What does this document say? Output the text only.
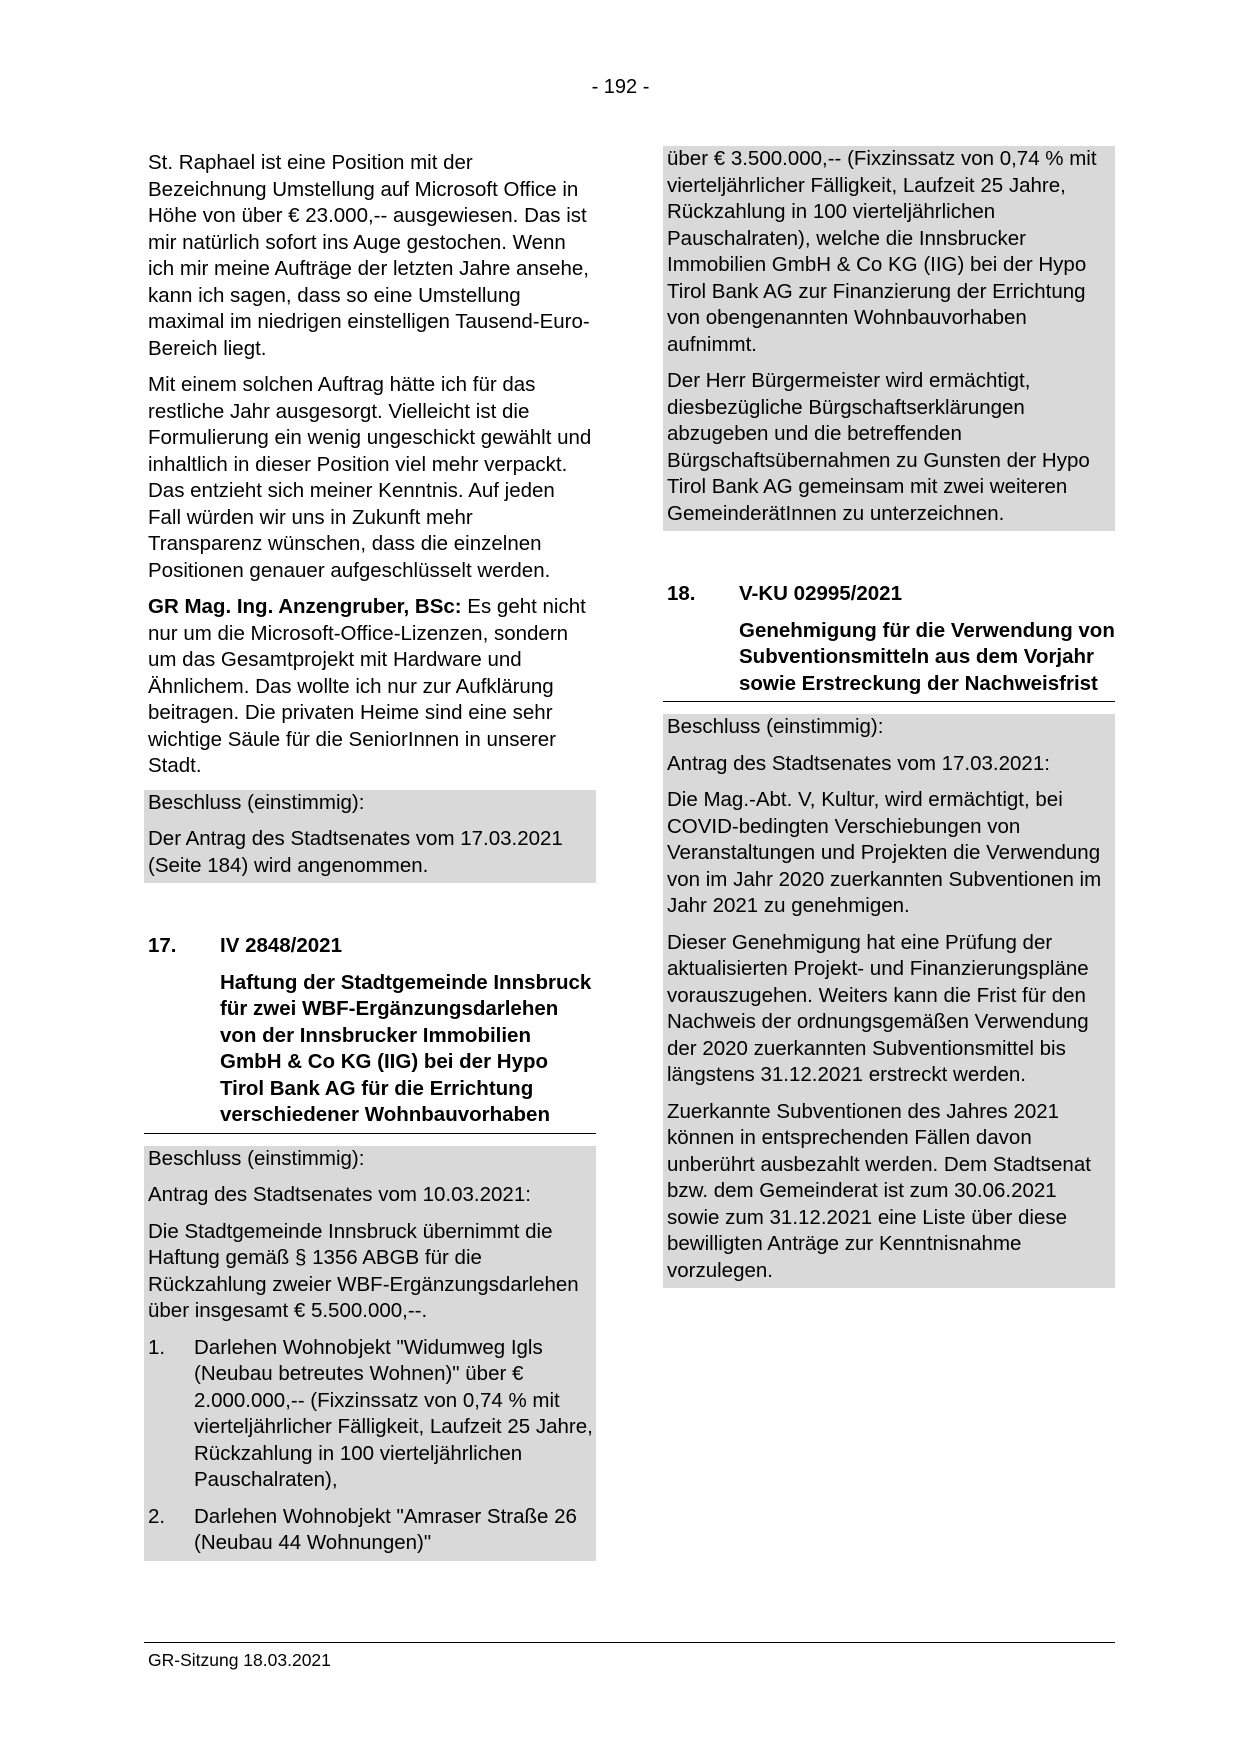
- 192 -

St. Raphael ist eine Position mit der Bezeichnung Umstellung auf Microsoft Office in Höhe von über € 23.000,-- ausgewiesen. Das ist mir natürlich sofort ins Auge gestochen. Wenn ich mir meine Aufträge der letzten Jahre ansehe, kann ich sagen, dass so eine Umstellung maximal im niedrigen einstelligen Tausend-Euro-Bereich liegt.

Mit einem solchen Auftrag hätte ich für das restliche Jahr ausgesorgt. Vielleicht ist die Formulierung ein wenig ungeschickt gewählt und inhaltlich in dieser Position viel mehr verpackt. Das entzieht sich meiner Kenntnis. Auf jeden Fall würden wir uns in Zukunft mehr Transparenz wünschen, dass die einzelnen Positionen genauer aufgeschlüsselt werden.

GR Mag. Ing. Anzengruber, BSc: Es geht nicht nur um die Microsoft-Office-Lizenzen, sondern um das Gesamtprojekt mit Hardware und Ähnlichem. Das wollte ich nur zur Aufklärung beitragen. Die privaten Heime sind eine sehr wichtige Säule für die SeniorInnen in unserer Stadt.

Beschluss (einstimmig):

Der Antrag des Stadtsenates vom 17.03.2021 (Seite 184) wird angenommen.

17.	IV 2848/2021
Haftung der Stadtgemeinde Innsbruck für zwei WBF-Ergänzungsdarlehen von der Innsbrucker Immobilien GmbH & Co KG (IIG) bei der Hypo Tirol Bank AG für die Errichtung verschiedener Wohnbauvorhaben

Beschluss (einstimmig):

Antrag des Stadtsenates vom 10.03.2021:

Die Stadtgemeinde Innsbruck übernimmt die Haftung gemäß § 1356 ABGB für die Rückzahlung zweier WBF-Ergänzungsdarlehen über insgesamt € 5.500.000,--.

1. Darlehen Wohnobjekt "Widumweg Igls (Neubau betreutes Wohnen)" über € 2.000.000,-- (Fixzinssatz von 0,74 % mit vierteljährlicher Fälligkeit, Laufzeit 25 Jahre, Rückzahlung in 100 vierteljährlichen Pauschalraten),
2. Darlehen Wohnobjekt "Amraser Straße 26 (Neubau 44 Wohnungen)"

über € 3.500.000,-- (Fixzinssatz von 0,74 % mit vierteljährlicher Fälligkeit, Laufzeit 25 Jahre, Rückzahlung in 100 vierteljährlichen Pauschalraten), welche die Innsbrucker Immobilien GmbH & Co KG (IIG) bei der Hypo Tirol Bank AG zur Finanzierung der Errichtung von obengenannten Wohnbauvorhaben aufnimmt.

Der Herr Bürgermeister wird ermächtigt, diesbezügliche Bürgschaftserklärungen abzugeben und die betreffenden Bürgschaftsübernahmen zu Gunsten der Hypo Tirol Bank AG gemeinsam mit zwei weiteren GemeinderätInnen zu unterzeichnen.

18.	V-KU 02995/2021
Genehmigung für die Verwendung von Subventionsmitteln aus dem Vorjahr sowie Erstreckung der Nachweisfrist

Beschluss (einstimmig):

Antrag des Stadtsenates vom 17.03.2021:

Die Mag.-Abt. V, Kultur, wird ermächtigt, bei COVID-bedingten Verschiebungen von Veranstaltungen und Projekten die Verwendung von im Jahr 2020 zuerkannten Subventionen im Jahr 2021 zu genehmigen.

Dieser Genehmigung hat eine Prüfung der aktualisierten Projekt- und Finanzierungspläne vorauszugehen. Weiters kann die Frist für den Nachweis der ordnungsgemäßen Verwendung der 2020 zuerkannten Subventionsmittel bis längstens 31.12.2021 erstreckt werden.

Zuerkannte Subventionen des Jahres 2021 können in entsprechenden Fällen davon unberührt ausbezahlt werden. Dem Stadtsenat bzw. dem Gemeinderat ist zum 30.06.2021 sowie zum 31.12.2021 eine Liste über diese bewilligten Anträge zur Kenntnisnahme vorzulegen.

GR-Sitzung 18.03.2021
